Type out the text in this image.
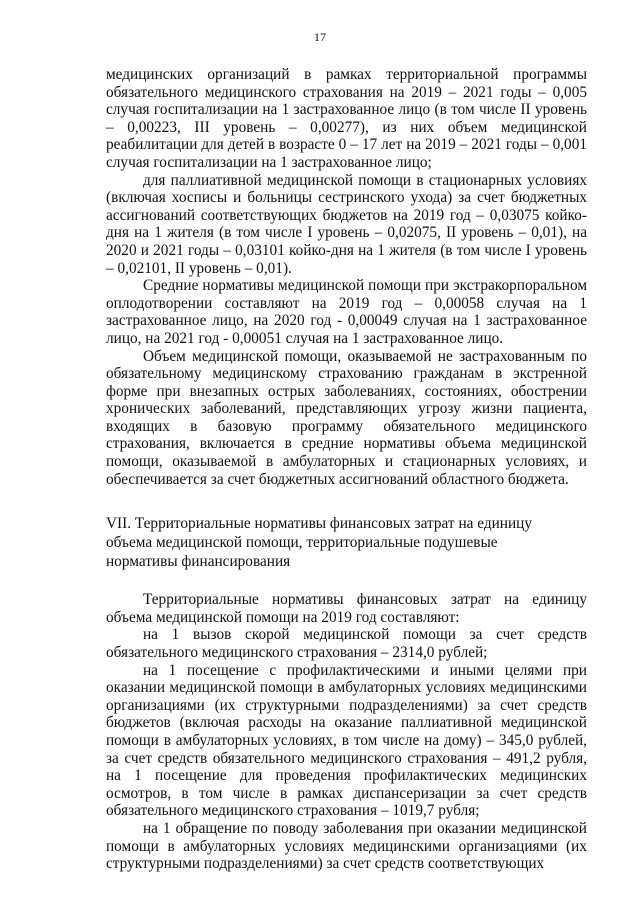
17

медицинских организаций в рамках территориальной программы обязательного медицинского страхования на 2019 – 2021 годы – 0,005 случая госпитализации на 1 застрахованное лицо (в том числе II уровень – 0,00223, III уровень – 0,00277), из них объем медицинской реабилитации для детей в возрасте 0 – 17 лет на 2019 – 2021 годы – 0,001 случая госпитализации на 1 застрахованное лицо;

для паллиативной медицинской помощи в стационарных условиях (включая хосписы и больницы сестринского ухода) за счет бюджетных ассигнований соответствующих бюджетов на 2019 год – 0,03075 койко-дня на 1 жителя (в том числе I уровень – 0,02075, II уровень – 0,01), на 2020 и 2021 годы – 0,03101 койко-дня на 1 жителя (в том числе I уровень – 0,02101, II уровень – 0,01).

Средние нормативы медицинской помощи при экстракорпоральном оплодотворении составляют на 2019 год – 0,00058 случая на 1 застрахованное лицо, на 2020 год - 0,00049 случая на 1 застрахованное лицо, на 2021 год - 0,00051 случая на 1 застрахованное лицо.

Объем медицинской помощи, оказываемой не застрахованным по обязательному медицинскому страхованию гражданам в экстренной форме при внезапных острых заболеваниях, состояниях, обострении хронических заболеваний, представляющих угрозу жизни пациента, входящих в базовую программу обязательного медицинского страхования, включается в средние нормативы объема медицинской помощи, оказываемой в амбулаторных и стационарных условиях, и обеспечивается за счет бюджетных ассигнований областного бюджета.

VII. Территориальные нормативы финансовых затрат на единицу
объема медицинской помощи, территориальные подушевые
нормативы финансирования

Территориальные нормативы финансовых затрат на единицу объема медицинской помощи на 2019 год составляют:

на 1 вызов скорой медицинской помощи за счет средств обязательного медицинского страхования – 2314,0 рублей;

на 1 посещение с профилактическими и иными целями при оказании медицинской помощи в амбулаторных условиях медицинскими организациями (их структурными подразделениями) за счет средств бюджетов (включая расходы на оказание паллиативной медицинской помощи в амбулаторных условиях, в том числе на дому) – 345,0 рублей, за счет средств обязательного медицинского страхования – 491,2 рубля, на 1 посещение для проведения профилактических медицинских осмотров, в том числе в рамках диспансеризации за счет средств обязательного медицинского страхования – 1019,7 рубля;

на 1 обращение по поводу заболевания при оказании медицинской помощи в амбулаторных условиях медицинскими организациями (их структурными подразделениями) за счет средств соответствующих
